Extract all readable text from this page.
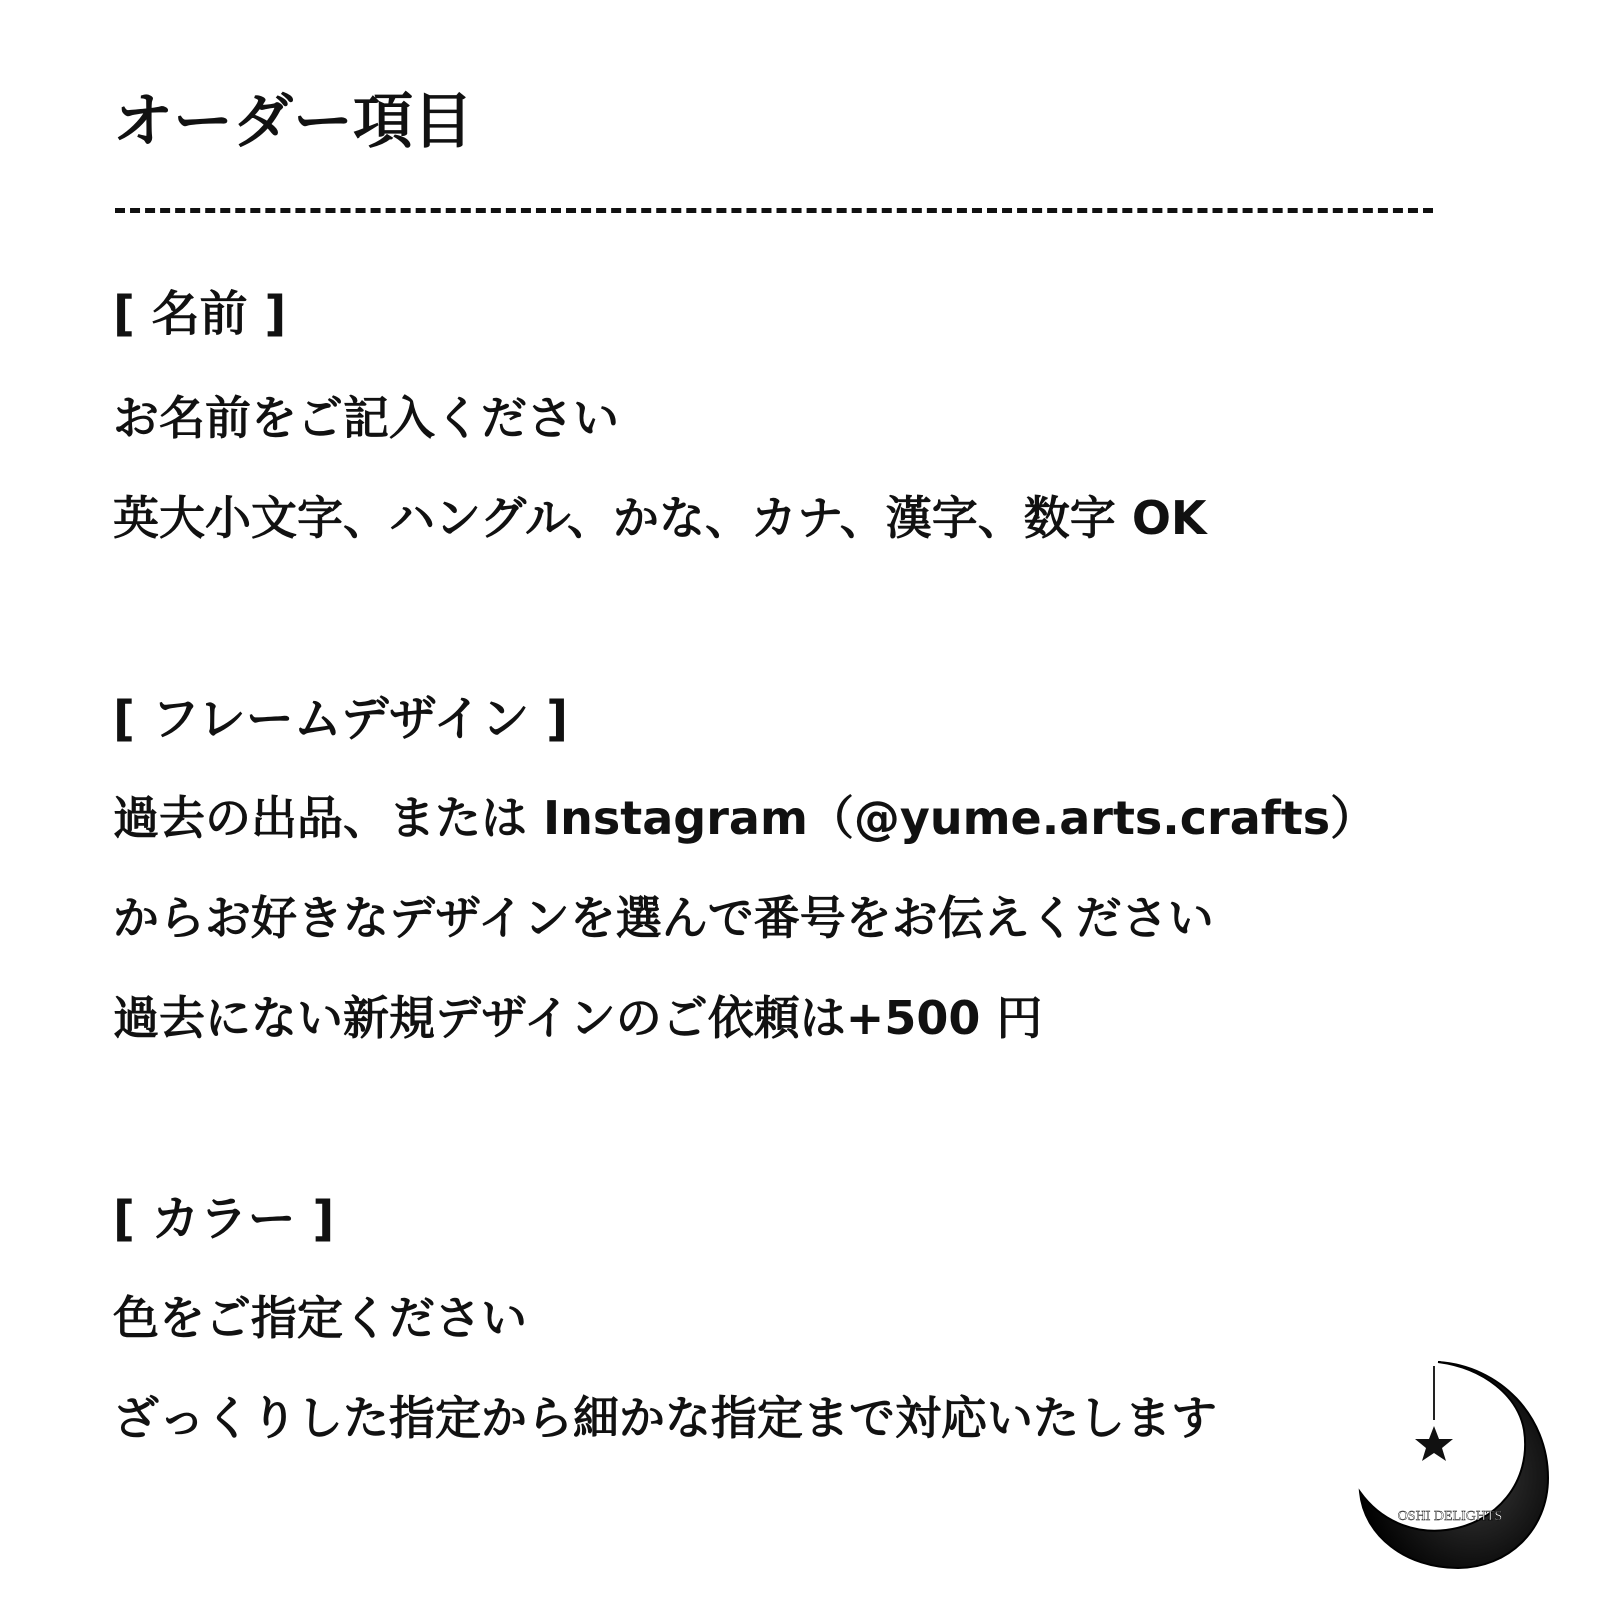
オーダー項目
[ 名前 ]
お名前をご記入ください
英大小文字、ハングル、かな、カナ、漢字、数字 OK
[ フレームデザイン ]
過去の出品、または Instagram（@yume.arts.crafts）
からお好きなデザインを選んで番号をお伝えください
過去にない新規デザインのご依頼は+500 円
[ カラー ]
色をご指定ください
ざっくりした指定から細かな指定まで対応いたします
OSHI DELIGHTS
